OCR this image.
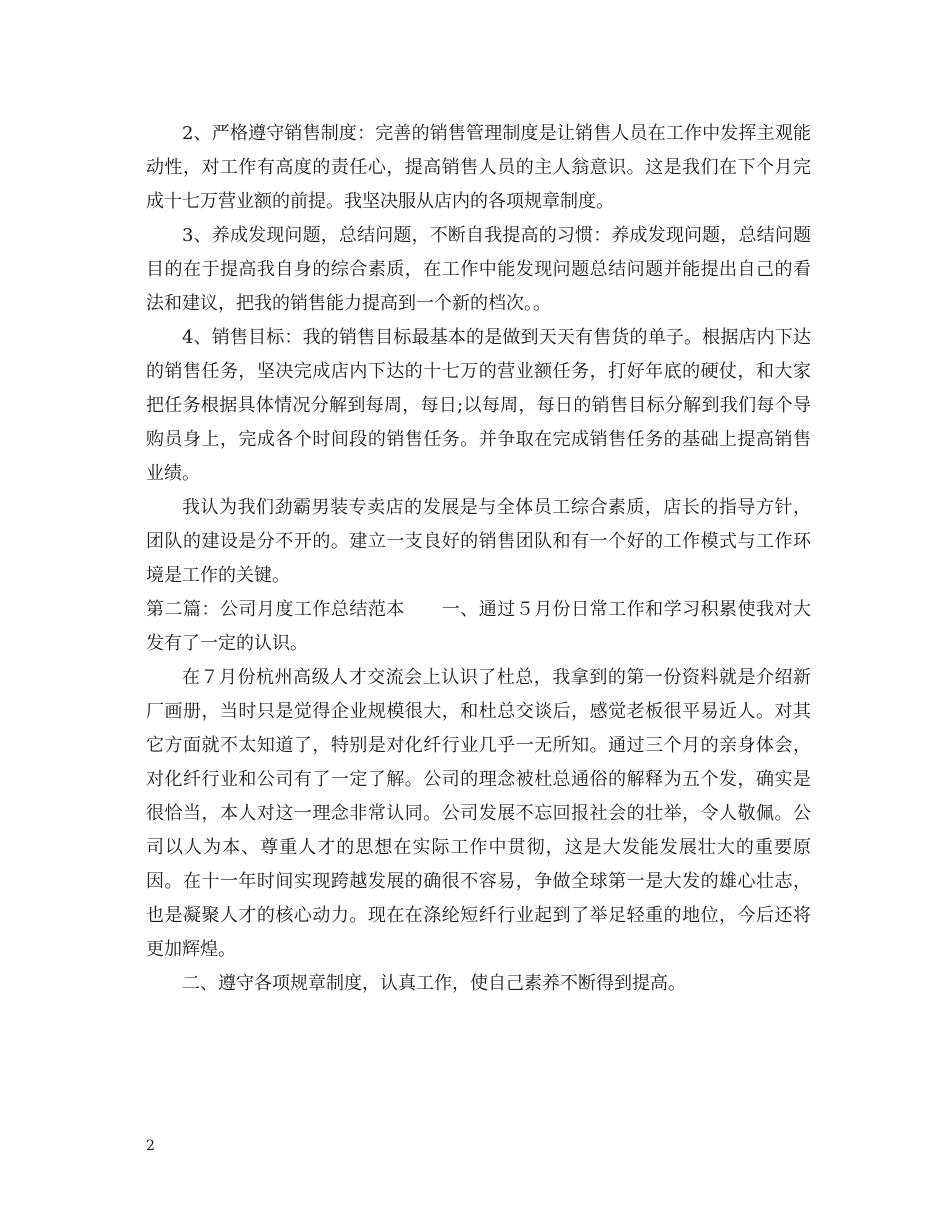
2、严格遵守销售制度：完善的销售管理制度是让销售人员在工作中发挥主观能动性，对工作有高度的责任心，提高销售人员的主人翁意识。这是我们在下个月完成十七万营业额的前提。我坚决服从店内的各项规章制度。

3、养成发现问题，总结问题，不断自我提高的习惯：养成发现问题，总结问题目的在于提高我自身的综合素质，在工作中能发现问题总结问题并能提出自己的看法和建议，把我的销售能力提高到一个新的档次。。

4、销售目标：我的销售目标最基本的是做到天天有售货的单子。根据店内下达的销售任务，坚决完成店内下达的十七万的营业额任务，打好年底的硬仗，和大家把任务根据具体情况分解到每周，每日;以每周，每日的销售目标分解到我们每个导购员身上，完成各个时间段的销售任务。并争取在完成销售任务的基础上提高销售业绩。

我认为我们劲霸男装专卖店的发展是与全体员工综合素质，店长的指导方针，团队的建设是分不开的。建立一支良好的销售团队和有一个好的工作模式与工作环境是工作的关键。

第二篇：公司月度工作总结范本　　一、通过５月份日常工作和学习积累使我对大发有了一定的认识。

在７月份杭州高级人才交流会上认识了杜总，我拿到的第一份资料就是介绍新厂画册，当时只是觉得企业规模很大，和杜总交谈后，感觉老板很平易近人。对其它方面就不太知道了，特别是对化纤行业几乎一无所知。通过三个月的亲身体会，对化纤行业和公司有了一定了解。公司的理念被杜总通俗的解释为五个发，确实是很恰当，本人对这一理念非常认同。公司发展不忘回报社会的壮举，令人敬佩。公司以人为本、尊重人才的思想在实际工作中贯彻，这是大发能发展壮大的重要原因。在十一年时间实现跨越发展的确很不容易，争做全球第一是大发的雄心壮志，也是凝聚人才的核心动力。现在在涤纶短纤行业起到了举足轻重的地位，今后还将更加辉煌。

二、遵守各项规章制度，认真工作，使自己素养不断得到提高。

2
